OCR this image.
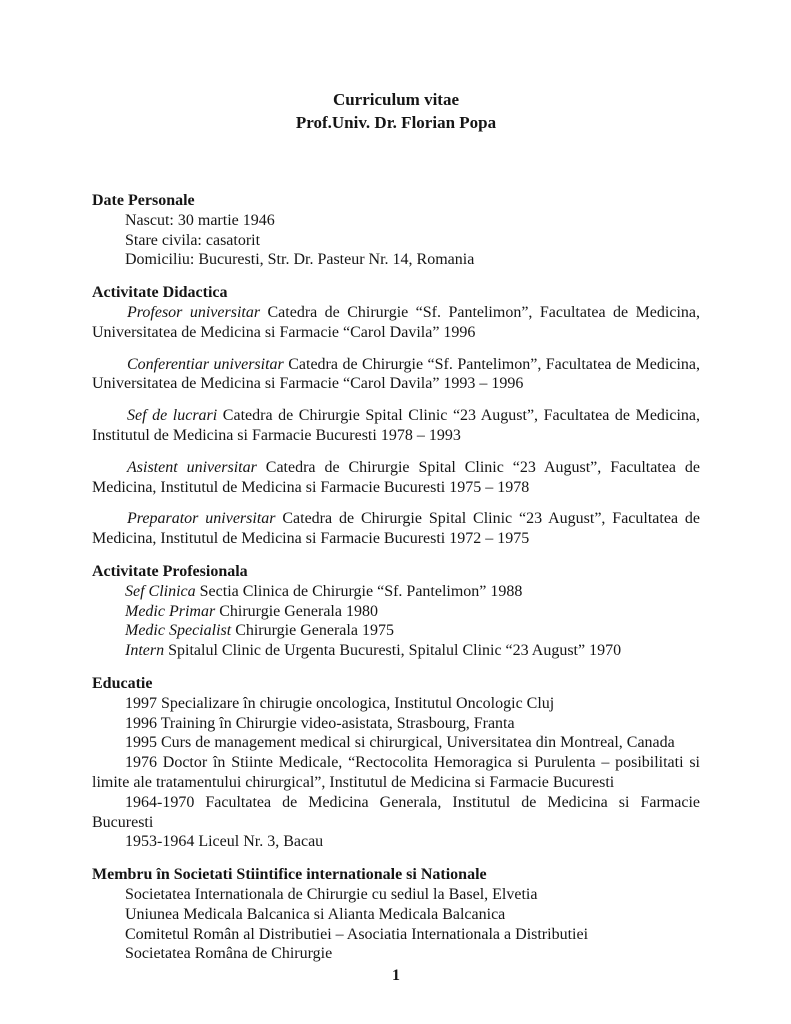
Curriculum vitae
Prof.Univ. Dr. Florian Popa
Date Personale
Nascut: 30 martie 1946
Stare civila: casatorit
Domiciliu: Bucuresti, Str. Dr. Pasteur Nr. 14, Romania
Activitate Didactica

Profesor universitar Catedra de Chirurgie “Sf. Pantelimon”, Facultatea de Medicina, Universitatea de Medicina si Farmacie “Carol Davila” 1996

Conferentiar universitar Catedra de Chirurgie “Sf. Pantelimon”, Facultatea de Medicina, Universitatea de Medicina si Farmacie “Carol Davila” 1993 – 1996

Sef de lucrari Catedra de Chirurgie Spital Clinic “23 August”, Facultatea de Medicina, Institutul de Medicina si Farmacie Bucuresti 1978 – 1993

Asistent universitar Catedra de Chirurgie Spital Clinic “23 August”, Facultatea de Medicina, Institutul de Medicina si Farmacie Bucuresti 1975 – 1978

Preparator universitar Catedra de Chirurgie Spital Clinic “23 August”, Facultatea de Medicina, Institutul de Medicina si Farmacie Bucuresti 1972 – 1975

Activitate Profesionala
Sef Clinica Sectia Clinica de Chirurgie “Sf. Pantelimon” 1988
Medic Primar Chirurgie Generala 1980
Medic Specialist Chirurgie Generala 1975
Intern Spitalul Clinic de Urgenta Bucuresti, Spitalul Clinic “23 August” 1970
Educatie

1997 Specializare în chirugie oncologica, Institutul Oncologic Cluj

1996 Training în Chirurgie video-asistata, Strasbourg, Franta

1995 Curs de management medical si chirurgical, Universitatea din Montreal, Canada

1976 Doctor în Stiinte Medicale, “Rectocolita Hemoragica si Purulenta – posibilitati si limite ale tratamentului chirurgical”, Institutul de Medicina si Farmacie Bucuresti

1964-1970 Facultatea de Medicina Generala, Institutul de Medicina si Farmacie Bucuresti

1953-1964 Liceul Nr. 3, Bacau

Membru în Societati Stiintifice internationale si Nationale
Societatea Internationala de Chirurgie cu sediul la Basel, Elvetia
Uniunea Medicala Balcanica si Alianta Medicala Balcanica
Comitetul Român al Distributiei – Asociatia Internationala a Distributiei
Societatea Româna de Chirurgie
1
